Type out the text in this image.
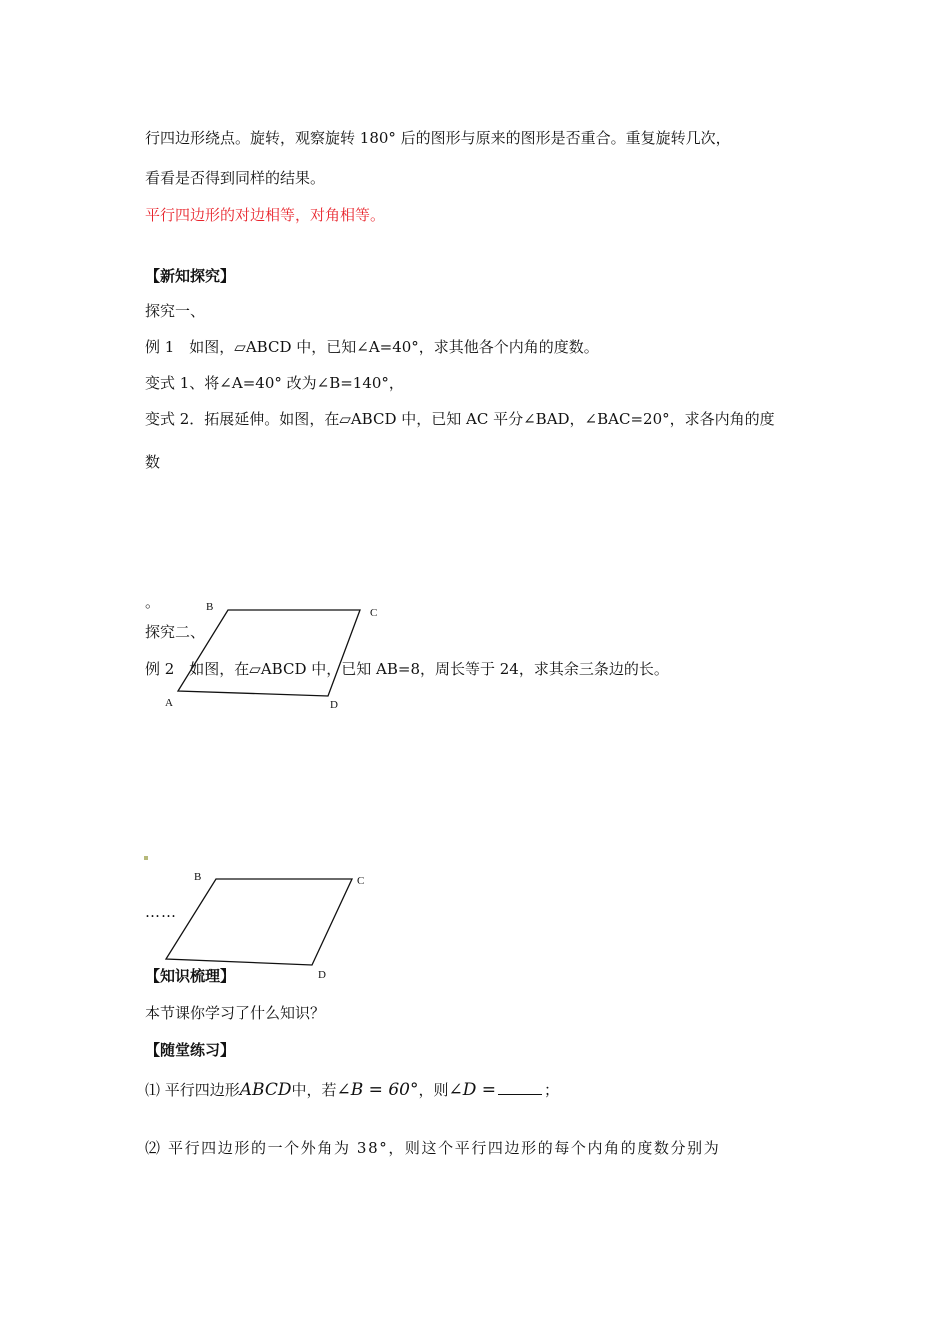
行四边形绕点。旋转，观察旋转 180° 后的图形与原来的图形是否重合。重复旋转几次，
看看是否得到同样的结果。
平行四边形的对边相等，对角相等。
【新知探究】
探究一、
例 1　如图，▱ABCD 中，已知∠A=40°，求其他各个内角的度数。
变式 1、将∠A=40° 改为∠B=140°，
变式 2．拓展延伸。如图，在▱ABCD 中，已知 AC 平分∠BAD，∠BAC=20°，求各内角的度
数
。
探究二、
例 2　如图，在▱ABCD 中，已知 AB=8，周长等于 24，求其余三条边的长。
B	C
A	D
……
B	C
D
【知识梳理】
本节课你学习了什么知识？
【随堂练习】
⑴ 平行四边形ABCD中，若∠B = 60°，则∠D =	；
⑵ 平行四边形的一个外角为 38°，则这个平行四边形的每个内角的度数分别为
